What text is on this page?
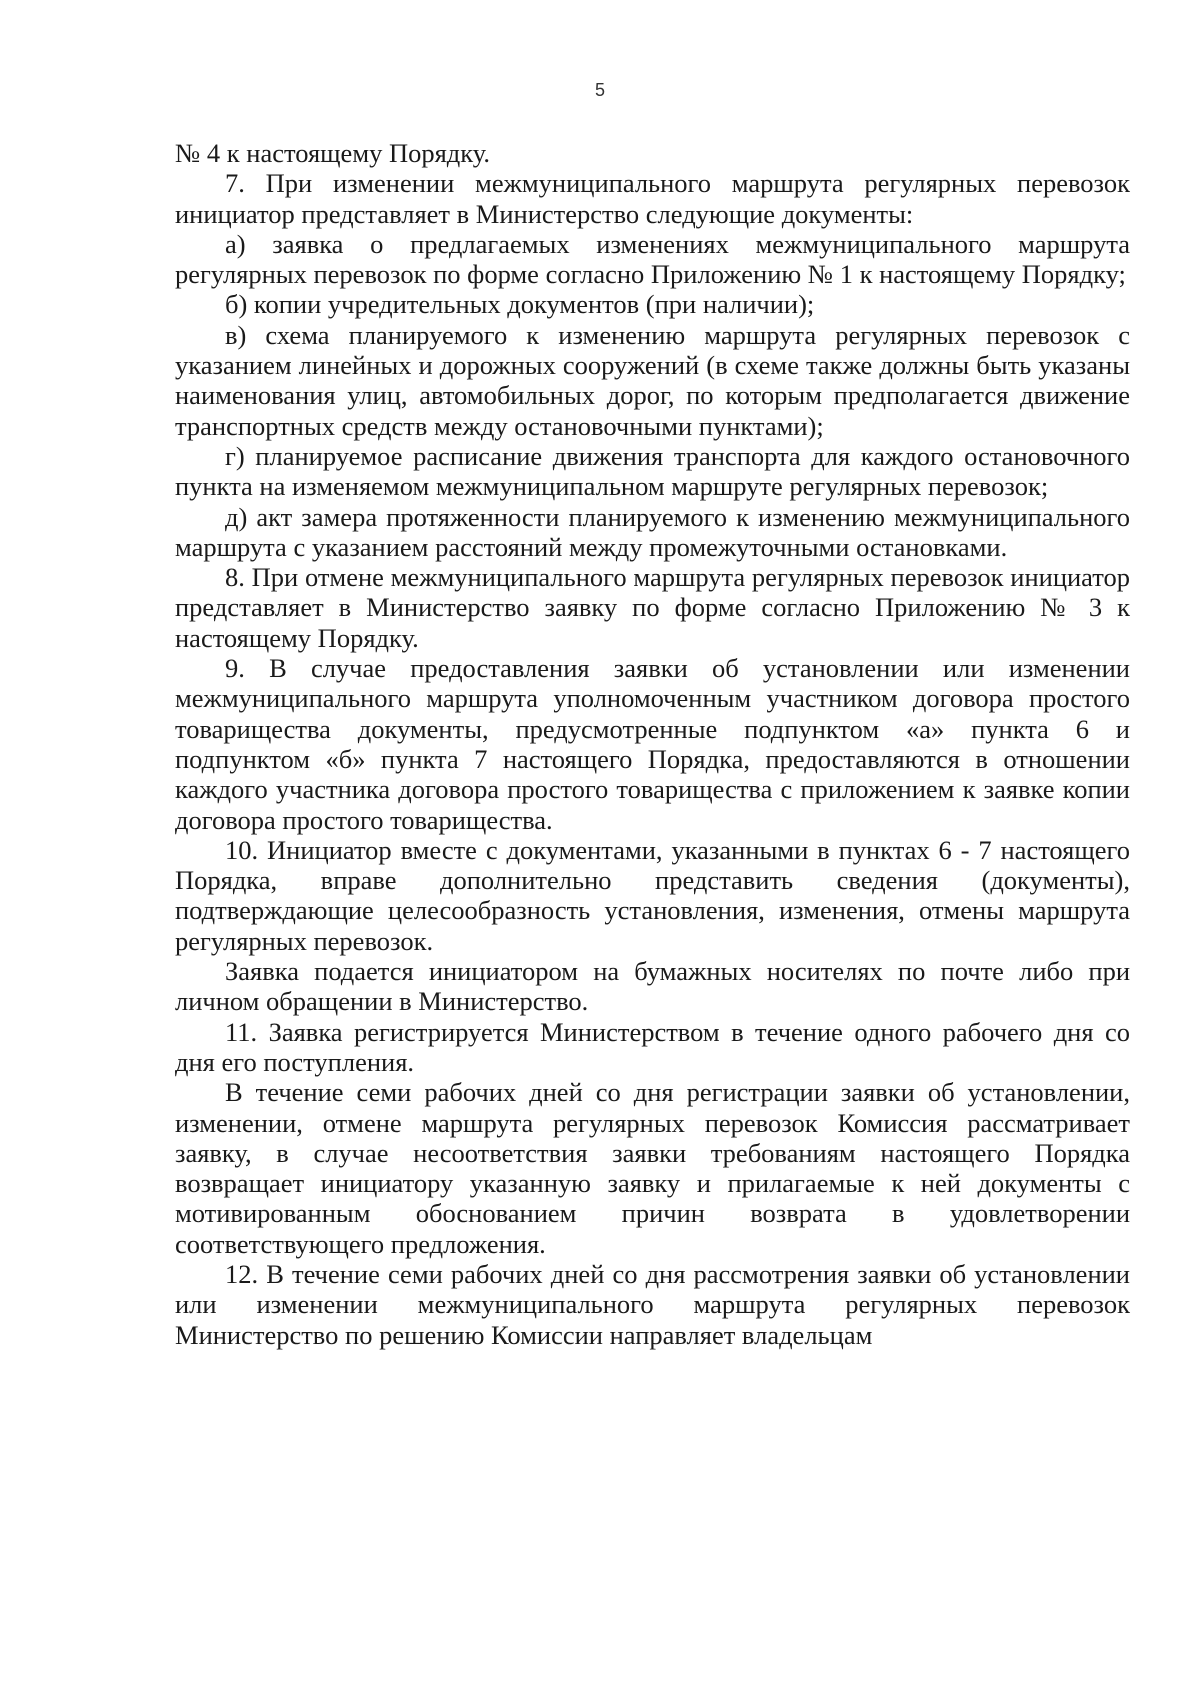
5

№ 4 к настоящему Порядку.

7. При изменении межмуниципального маршрута регулярных перевозок инициатор представляет в Министерство следующие документы:

а) заявка о предлагаемых изменениях межмуниципального маршрута регулярных перевозок по форме согласно Приложению № 1 к настоящему Порядку;

б) копии учредительных документов (при наличии);

в) схема планируемого к изменению маршрута регулярных перевозок с указанием линейных и дорожных сооружений (в схеме также должны быть указаны наименования улиц, автомобильных дорог, по которым предполагается движение транспортных средств между остановочными пунктами);

г) планируемое расписание движения транспорта для каждого остановочного пункта на изменяемом межмуниципальном маршруте регулярных перевозок;

д) акт замера протяженности планируемого к изменению межмуниципального маршрута с указанием расстояний между промежуточными остановками.

8. При отмене межмуниципального маршрута регулярных перевозок инициатор представляет в Министерство заявку по форме согласно Приложению № 3 к настоящему Порядку.

9. В случае предоставления заявки об установлении или изменении межмуниципального маршрута уполномоченным участником договора простого товарищества документы, предусмотренные подпунктом «а» пункта 6 и подпунктом «б» пункта 7 настоящего Порядка, предоставляются в отношении каждого участника договора простого товарищества с приложением к заявке копии договора простого товарищества.

10. Инициатор вместе с документами, указанными в пунктах 6 - 7 настоящего Порядка, вправе дополнительно представить сведения (документы), подтверждающие целесообразность установления, изменения, отмены маршрута регулярных перевозок.

Заявка подается инициатором на бумажных носителях по почте либо при личном обращении в Министерство.

11. Заявка регистрируется Министерством в течение одного рабочего дня со дня его поступления.

В течение семи рабочих дней со дня регистрации заявки об установлении, изменении, отмене маршрута регулярных перевозок Комиссия рассматривает заявку, в случае несоответствия заявки требованиям настоящего Порядка возвращает инициатору указанную заявку и прилагаемые к ней документы с мотивированным обоснованием причин возврата в удовлетворении соответствующего предложения.

12. В течение семи рабочих дней со дня рассмотрения заявки об установлении или изменении межмуниципального маршрута регулярных перевозок Министерство по решению Комиссии направляет владельцам
